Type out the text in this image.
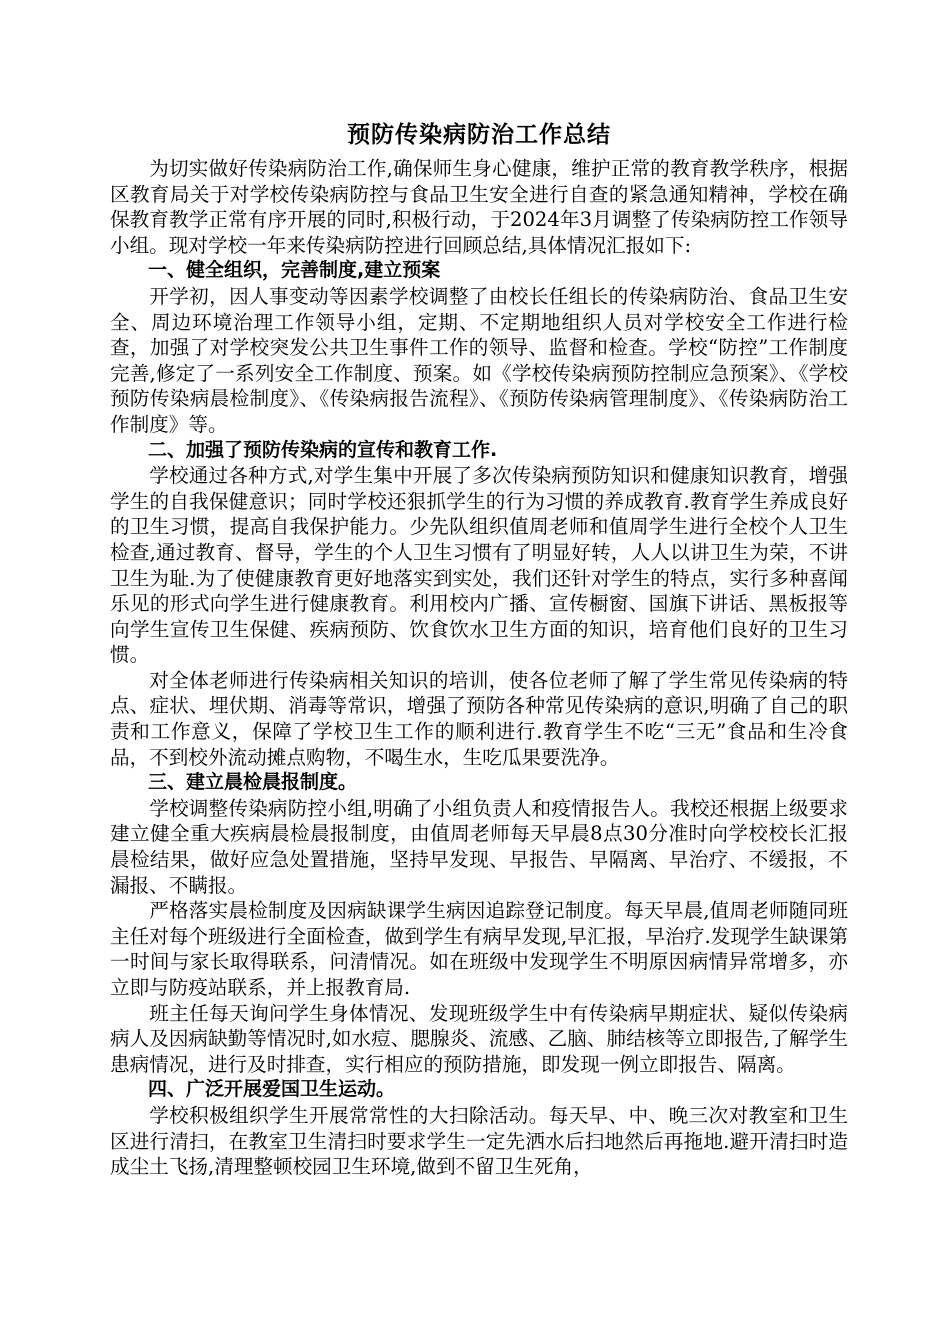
预防传染病防治工作总结

为切实做好传染病防治工作,确保师生身心健康，维护正常的教育教学秩序，根据区教育局关于对学校传染病防控与食品卫生安全进行自查的紧急通知精神，学校在确保教育教学正常有序开展的同时,积极行动，于2024年3月调整了传染病防控工作领导小组。现对学校一年来传染病防控进行回顾总结,具体情况汇报如下:

一、健全组织，完善制度,建立预案

开学初，因人事变动等因素学校调整了由校长任组长的传染病防治、食品卫生安全、周边环境治理工作领导小组，定期、不定期地组织人员对学校安全工作进行检查，加强了对学校突发公共卫生事件工作的领导、监督和检查。学校“防控”工作制度完善,修定了一系列安全工作制度、预案。如《学校传染病预防控制应急预案》、《学校预防传染病晨检制度》、《传染病报告流程》、《预防传染病管理制度》、《传染病防治工作制度》等。

二、加强了预防传染病的宣传和教育工作.

学校通过各种方式,对学生集中开展了多次传染病预防知识和健康知识教育，增强学生的自我保健意识；同时学校还狠抓学生的行为习惯的养成教育.教育学生养成良好的卫生习惯，提高自我保护能力。少先队组织值周老师和值周学生进行全校个人卫生检查,通过教育、督导，学生的个人卫生习惯有了明显好转，人人以讲卫生为荣，不讲卫生为耻.为了使健康教育更好地落实到实处，我们还针对学生的特点，实行多种喜闻乐见的形式向学生进行健康教育。利用校内广播、宣传橱窗、国旗下讲话、黑板报等向学生宣传卫生保健、疾病预防、饮食饮水卫生方面的知识，培育他们良好的卫生习惯。

对全体老师进行传染病相关知识的培训，使各位老师了解了学生常见传染病的特点、症状、埋伏期、消毒等常识，增强了预防各种常见传染病的意识,明确了自己的职责和工作意义，保障了学校卫生工作的顺利进行.教育学生不吃“三无”食品和生冷食品，不到校外流动摊点购物，不喝生水，生吃瓜果要洗净。

三、建立晨检晨报制度。

学校调整传染病防控小组,明确了小组负责人和疫情报告人。我校还根据上级要求建立健全重大疾病晨检晨报制度，由值周老师每天早晨8点30分准时向学校校长汇报晨检结果，做好应急处置措施，坚持早发现、早报告、早隔离、早治疗、不缓报，不漏报、不瞒报。

严格落实晨检制度及因病缺课学生病因追踪登记制度。每天早晨,值周老师随同班主任对每个班级进行全面检查，做到学生有病早发现,早汇报，早治疗.发现学生缺课第一时间与家长取得联系，问清情况。如在班级中发现学生不明原因病情异常增多，亦立即与防疫站联系，并上报教育局.

班主任每天询问学生身体情况、发现班级学生中有传染病早期症状、疑似传染病病人及因病缺勤等情况时,如水痘、腮腺炎、流感、乙脑、肺结核等立即报告,了解学生患病情况，进行及时排查，实行相应的预防措施，即发现一例立即报告、隔离。

四、广泛开展爱国卫生运动。

学校积极组织学生开展常常性的大扫除活动。每天早、中、晚三次对教室和卫生区进行清扫，在教室卫生清扫时要求学生一定先洒水后扫地然后再拖地.避开清扫时造成尘土飞扬,清理整顿校园卫生环境,做到不留卫生死角，
